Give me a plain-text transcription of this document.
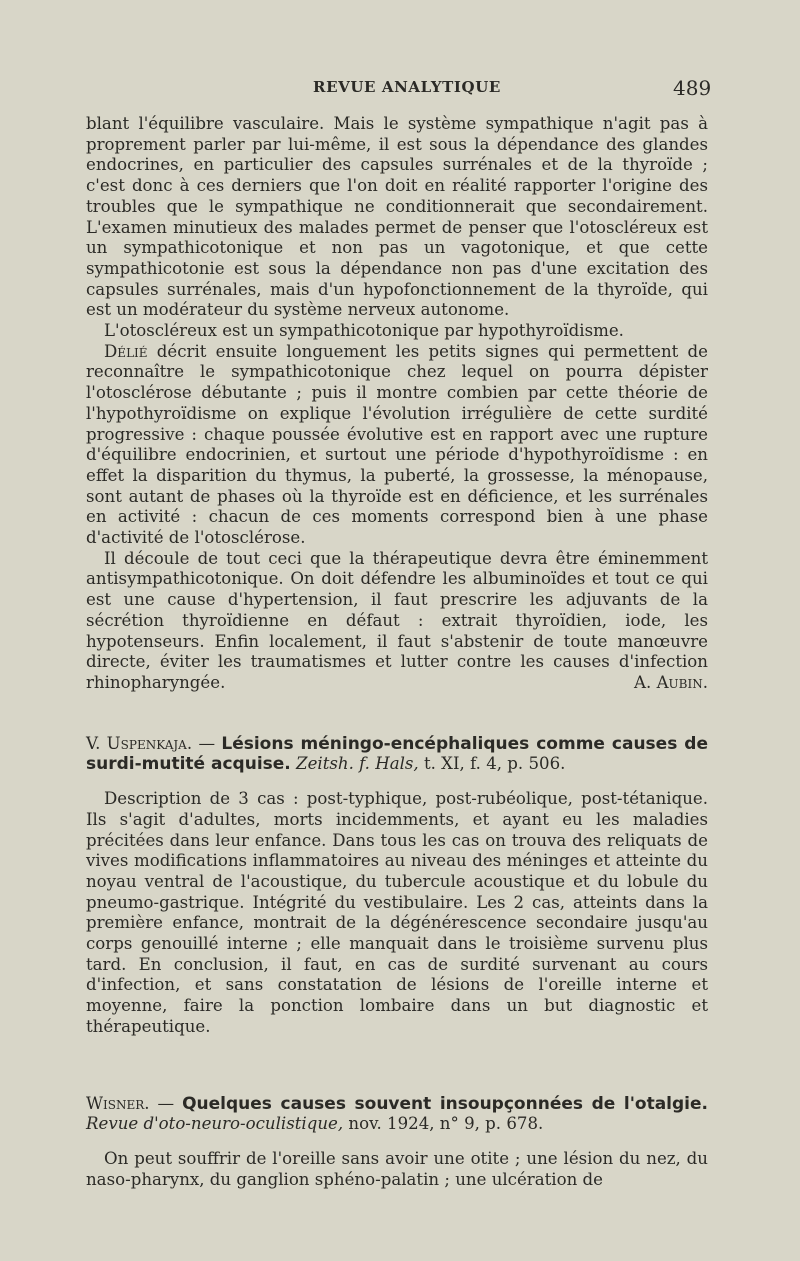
REVUE ANALYTIQUE	489

blant l'équilibre vasculaire. Mais le système sympathique n'agit pas à proprement parler par lui-même, il est sous la dépendance des glandes endocrines, en particulier des capsules surrénales et de la thyroïde ; c'est donc à ces derniers que l'on doit en réalité rapporter l'origine des troubles que le sympathique ne conditionnerait que secondairement. L'examen minutieux des malades permet de penser que l'otoscléreux est un sympathicotonique et non pas un vagotonique, et que cette sympathicotonie est sous la dépendance non pas d'une excitation des capsules surrénales, mais d'un hypofonctionnement de la thyroïde, qui est un modérateur du système nerveux autonome.

L'otoscléreux est un sympathicotonique par hypothyroïdisme.

Délié décrit ensuite longuement les petits signes qui permettent de reconnaître le sympathicotonique chez lequel on pourra dépister l'otosclérose débutante ; puis il montre combien par cette théorie de l'hypothyroïdisme on explique l'évolution irrégulière de cette surdité progressive : chaque poussée évolutive est en rapport avec une rupture d'équilibre endocrinien, et surtout une période d'hypothyroïdisme : en effet la disparition du thymus, la puberté, la grossesse, la ménopause, sont autant de phases où la thyroïde est en déficience, et les surrénales en activité : chacun de ces moments correspond bien à une phase d'activité de l'otosclérose.

Il découle de tout ceci que la thérapeutique devra être éminemment antisympathicotonique. On doit défendre les albuminoïdes et tout ce qui est une cause d'hypertension, il faut prescrire les adjuvants de la sécrétion thyroïdienne en défaut : extrait thyroïdien, iode, les hypotenseurs. Enfin localement, il faut s'abstenir de toute manœuvre directe, éviter les traumatismes et lutter contre les causes d'infection rhinopharyngée.	A. Aubin.

V. Uspenkaja. — Lésions méningo-encéphaliques comme causes de surdi-mutité acquise. Zeitsh. f. Hals, t. XI, f. 4, p. 506.

Description de 3 cas : post-typhique, post-rubéolique, post-tétanique. Ils s'agit d'adultes, morts incidemments, et ayant eu les maladies précitées dans leur enfance. Dans tous les cas on trouva des reliquats de vives modifications inflammatoires au niveau des méninges et atteinte du noyau ventral de l'acoustique, du tubercule acoustique et du lobule du pneumo-gastrique. Intégrité du vestibulaire. Les 2 cas, atteints dans la première enfance, montrait de la dégénérescence secondaire jusqu'au corps genouillé interne ; elle manquait dans le troisième survenu plus tard. En conclusion, il faut, en cas de surdité survenant au cours d'infection, et sans constatation de lésions de l'oreille interne et moyenne, faire la ponction lombaire dans un but diagnostic et thérapeutique.

Wisner. — Quelques causes souvent insoupçonnées de l'otalgie. Revue d'oto-neuro-oculistique, nov. 1924, n° 9, p. 678.

On peut souffrir de l'oreille sans avoir une otite ; une lésion du nez, du naso-pharynx, du ganglion sphéno-palatin ; une ulcération de
